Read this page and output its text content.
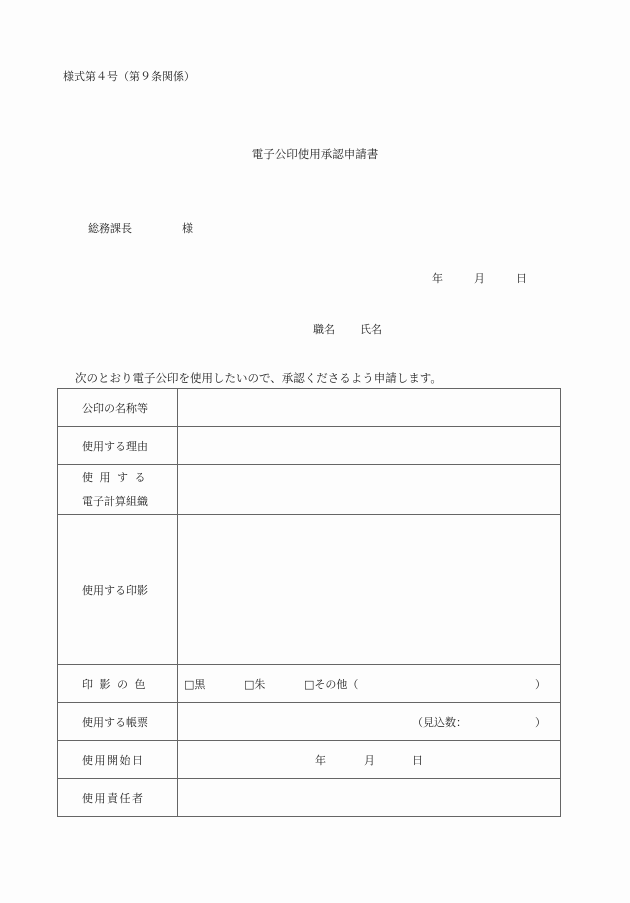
様式第４号（第９条関係）
電子公印使用承認申請書
総務課長	様
年	月	日
職名 氏名
次のとおり電子公印を使用したいので、承認くださるよう申請します。
公印の名称等	
使用する理由	

使 用 す る
電子計算組織	

使用する印影	
印 影 の 色	□黒 □朱 □その他（ ）

使用する帳票	（見込数： ）

使用開始日	年 月 日

使用責任者	
